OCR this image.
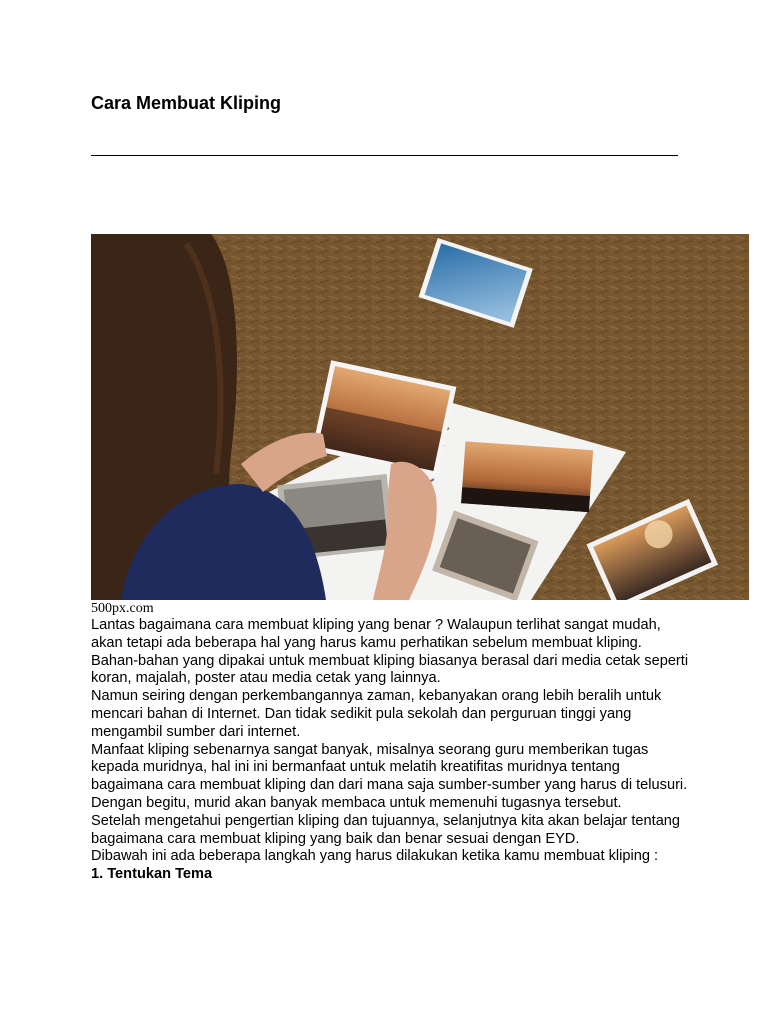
Cara Membuat Kliping
500px.com

Lantas bagaimana cara membuat kliping yang benar ? Walaupun terlihat sangat mudah, akan tetapi ada beberapa hal yang harus kamu perhatikan sebelum membuat kliping.

Bahan-bahan yang dipakai untuk membuat kliping biasanya berasal dari media cetak seperti koran, majalah, poster atau media cetak yang lainnya.

Namun seiring dengan perkembangannya zaman, kebanyakan orang lebih beralih untuk mencari bahan di Internet. Dan tidak sedikit pula sekolah dan perguruan tinggi yang mengambil sumber dari internet.

Manfaat kliping sebenarnya sangat banyak, misalnya seorang guru memberikan tugas kepada muridnya, hal ini ini bermanfaat untuk melatih kreatifitas muridnya tentang bagaimana cara membuat kliping dan dari mana saja sumber-sumber yang harus di telusuri. Dengan begitu, murid akan banyak membaca untuk memenuhi tugasnya tersebut.

Setelah mengetahui pengertian kliping dan tujuannya, selanjutnya kita akan belajar tentang bagaimana cara membuat kliping yang baik dan benar sesuai dengan EYD.

Dibawah ini ada beberapa langkah yang harus dilakukan ketika kamu membuat kliping :

1. Tentukan Tema
